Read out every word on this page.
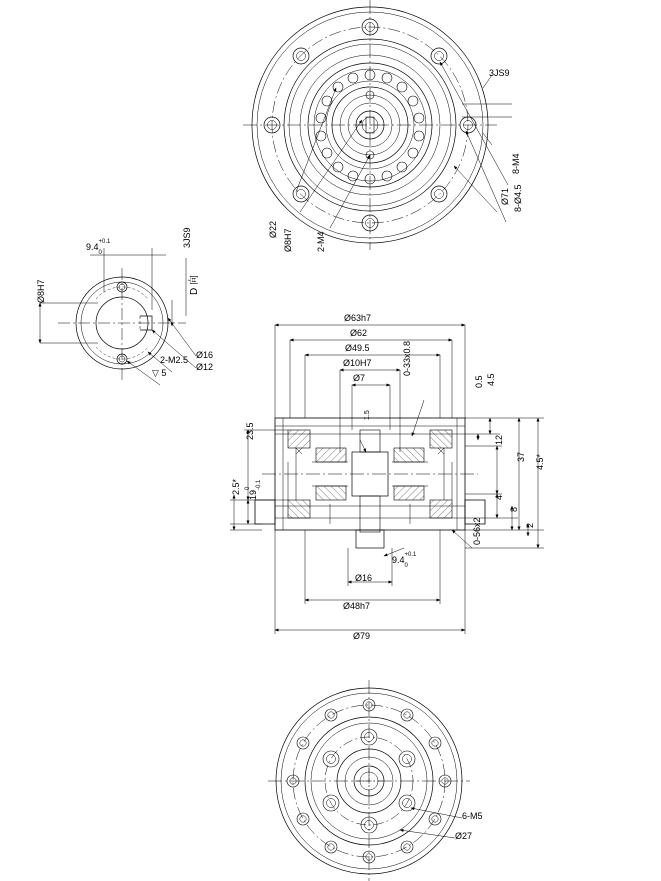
Ø22 Ø8H7	2-M4
3JS9
8-M4
Ø71 8-Ø4.5
9.4+0.1
0
3JS9
Ø8H7
2-M2.5
▽ 5
Ø12
Ø16
D 向
Ø63h7
Ø62
Ø49.5
Ø10H7
Ø7
0-33x0.8
4.5
0.5
12
37 4.5*
4
8
2
23.5
2.5* 190 -0.1
1.5
9.4+0.1
0
Ø16
Ø48h7
Ø79
0-56x2
6-M5
Ø27
